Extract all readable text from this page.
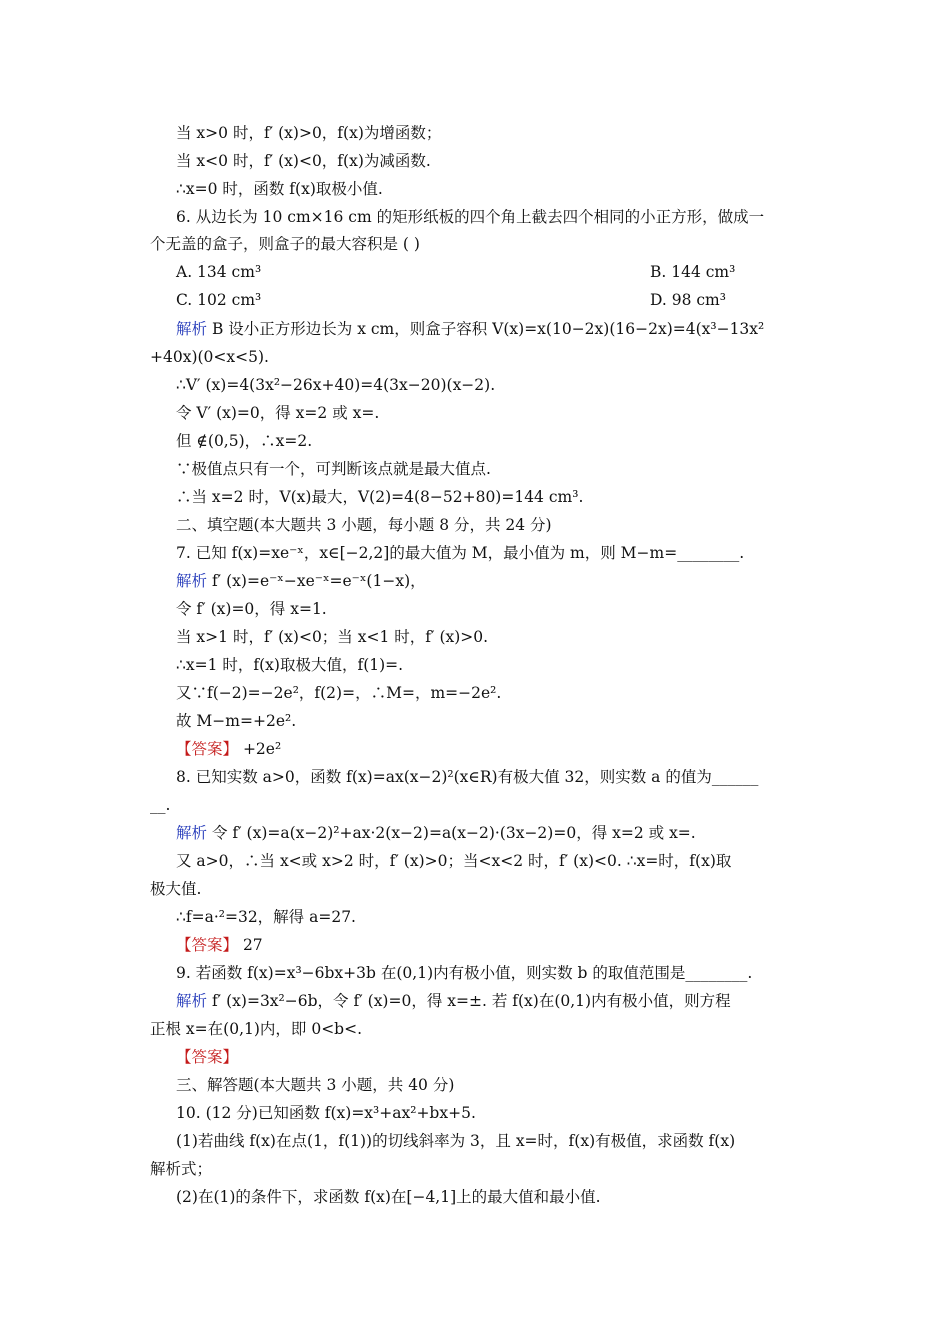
当 x>0 时，f′ (x)>0，f(x)为增函数；
当 x<0 时，f′ (x)<0，f(x)为减函数.
∴x=0 时，函数 f(x)取极小值.
6. 从边长为 10 cm×16 cm 的矩形纸板的四个角上截去四个相同的小正方形，做成一
个无盖的盒子，则盒子的最大容积是 ( )
A. 134 cm³	B. 144 cm³
C. 102 cm³	D. 98 cm³
解析 B 设小正方形边长为 x cm，则盒子容积 V(x)=x(10−2x)(16−2x)=4(x³−13x²
+40x)(0<x<5).
∴V′ (x)=4(3x²−26x+40)=4(3x−20)(x−2).
令 V′ (x)=0，得 x=2 或 x=.
但 ∉(0,5)，∴x=2.
∵极值点只有一个，可判断该点就是最大值点.
∴当 x=2 时，V(x)最大，V(2)=4(8−52+80)=144 cm³.
二、填空题(本大题共 3 小题，每小题 8 分，共 24 分)
7. 已知 f(x)=xe⁻ˣ，x∈[−2,2]的最大值为 M，最小值为 m，则 M−m=________.
解析 f′ (x)=e⁻ˣ−xe⁻ˣ=e⁻ˣ(1−x)，
令 f′ (x)=0，得 x=1.
当 x>1 时，f′ (x)<0；当 x<1 时，f′ (x)>0.
∴x=1 时，f(x)取极大值，f(1)=.
又∵f(−2)=−2e²，f(2)=，∴M=，m=−2e².
故 M−m=+2e².
【答案】 +2e²
8. 已知实数 a>0，函数 f(x)=ax(x−2)²(x∈R)有极大值 32，则实数 a 的值为______
__.
解析 令 f′ (x)=a(x−2)²+ax·2(x−2)=a(x−2)·(3x−2)=0，得 x=2 或 x=.
又 a>0，∴当 x<或 x>2 时，f′ (x)>0；当<x<2 时，f′ (x)<0. ∴x=时，f(x)取
极大值.
∴f=a·²=32，解得 a=27.
【答案】 27
9. 若函数 f(x)=x³−6bx+3b 在(0,1)内有极小值，则实数 b 的取值范围是________.
解析 f′ (x)=3x²−6b，令 f′ (x)=0，得 x=±. 若 f(x)在(0,1)内有极小值，则方程
正根 x=在(0,1)内，即 0<b<.
【答案】
三、解答题(本大题共 3 小题，共 40 分)
10. (12 分)已知函数 f(x)=x³+ax²+bx+5.
(1)若曲线 f(x)在点(1，f(1))的切线斜率为 3，且 x=时，f(x)有极值，求函数 f(x)
解析式；
(2)在(1)的条件下，求函数 f(x)在[−4,1]上的最大值和最小值.
